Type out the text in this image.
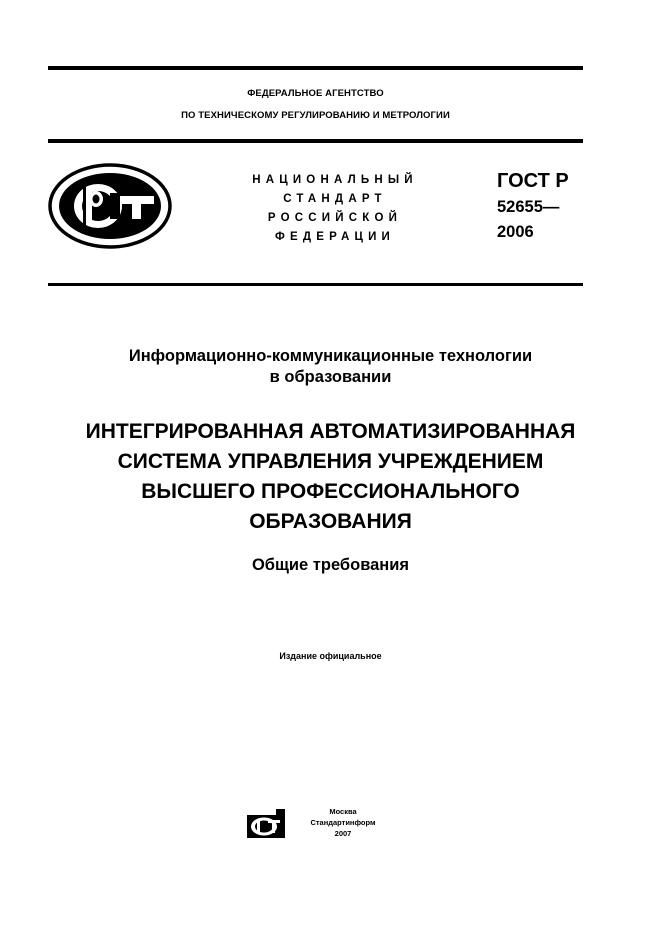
ФЕДЕРАЛЬНОЕ АГЕНТСТВО
ПО ТЕХНИЧЕСКОМУ РЕГУЛИРОВАНИЮ И МЕТРОЛОГИИ
НАЦИОНАЛЬНЫЙ
СТАНДАРТ
РОССИЙСКОЙ
ФЕДЕРАЦИИ
ГОСТ Р
52655—
2006
Информационно-коммуникационные технологии
в образовании
ИНТЕГРИРОВАННАЯ АВТОМАТИЗИРОВАННАЯ
СИСТЕМА УПРАВЛЕНИЯ УЧРЕЖДЕНИЕМ
ВЫСШЕГО ПРОФЕССИОНАЛЬНОГО
ОБРАЗОВАНИЯ
Общие требования
Издание официальное
Москва
Стандартинформ
2007
